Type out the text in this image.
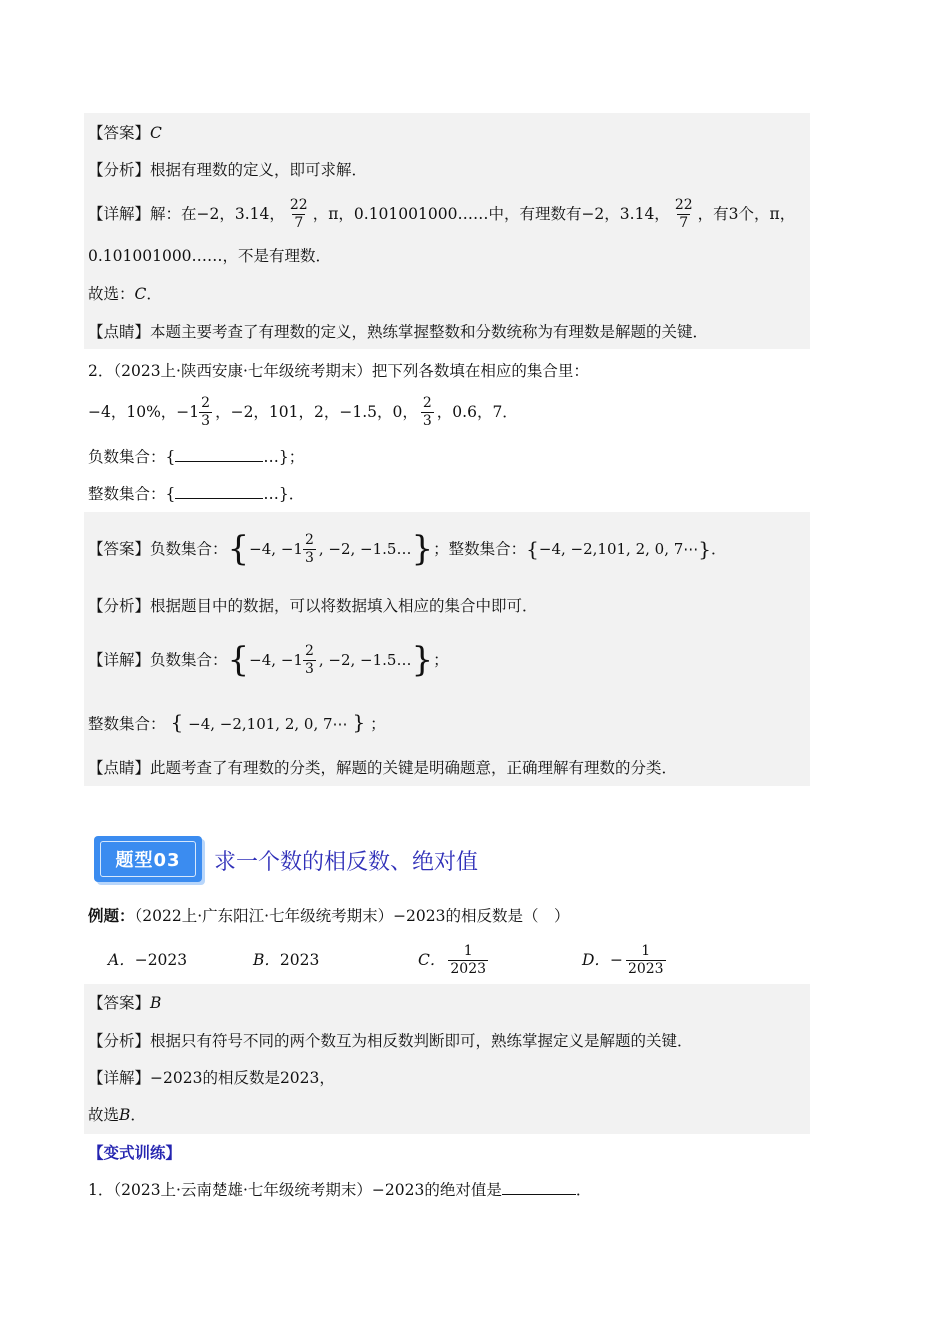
【答案】C
【分析】根据有理数的定义，即可求解．
【详解】 解：在−2，3.14， $\frac{22}{7}$ ，π，0.101001000……中，有理数有−2，3.14， $\frac{22}{7}$ ，有3个，π，
0.101001000……，不是有理数．
故选：C．
【点睛】本题主要考查了有理数的定义，熟练掌握整数和分数统称为有理数是解题的关键．
2．（2023上·陕西安康·七年级统考期末）把下列各数填在相应的集合里：
−4，10%，$-1 \frac{2}{3}$ ，−2，101，2，−1.5，0， $\frac{2}{3}$ ，0.6，7．
负数集合：{	…}；
整数集合：{	…}．
【答案】 负数集合： { −4, $-1 \frac{2}{3}$ , −2, −1.5… } ； 整数集合： { −4, −2,101, 2, 0, 7⋯ } ．
【分析】根据题目中的数据，可以将数据填入相应的集合中即可．
【详解】 负数集合： { −4, $-1 \frac{2}{3}$ , −2, −1.5… } ；
整数集合： { −4, −2,101, 2, 0, 7⋯ } ；
【点睛】此题考查了有理数的分类，解题的关键是明确题意，正确理解有理数的分类．
题型03	求一个数的相反数、绝对值
例题：（2022上·广东阳江·七年级统考期末）−2023的相反数是（　）
A．−2023	B．2023	C． $\frac{1}{2023}$	D． − $\frac{1}{2023}$
【答案】B
【分析】根据只有符号不同的两个数互为相反数判断即可，熟练掌握定义是解题的关键．
【详解】−2023的相反数是2023，
故选B．
【变式训练】
1．（2023上·云南楚雄·七年级统考期末）−2023的绝对值是	．
